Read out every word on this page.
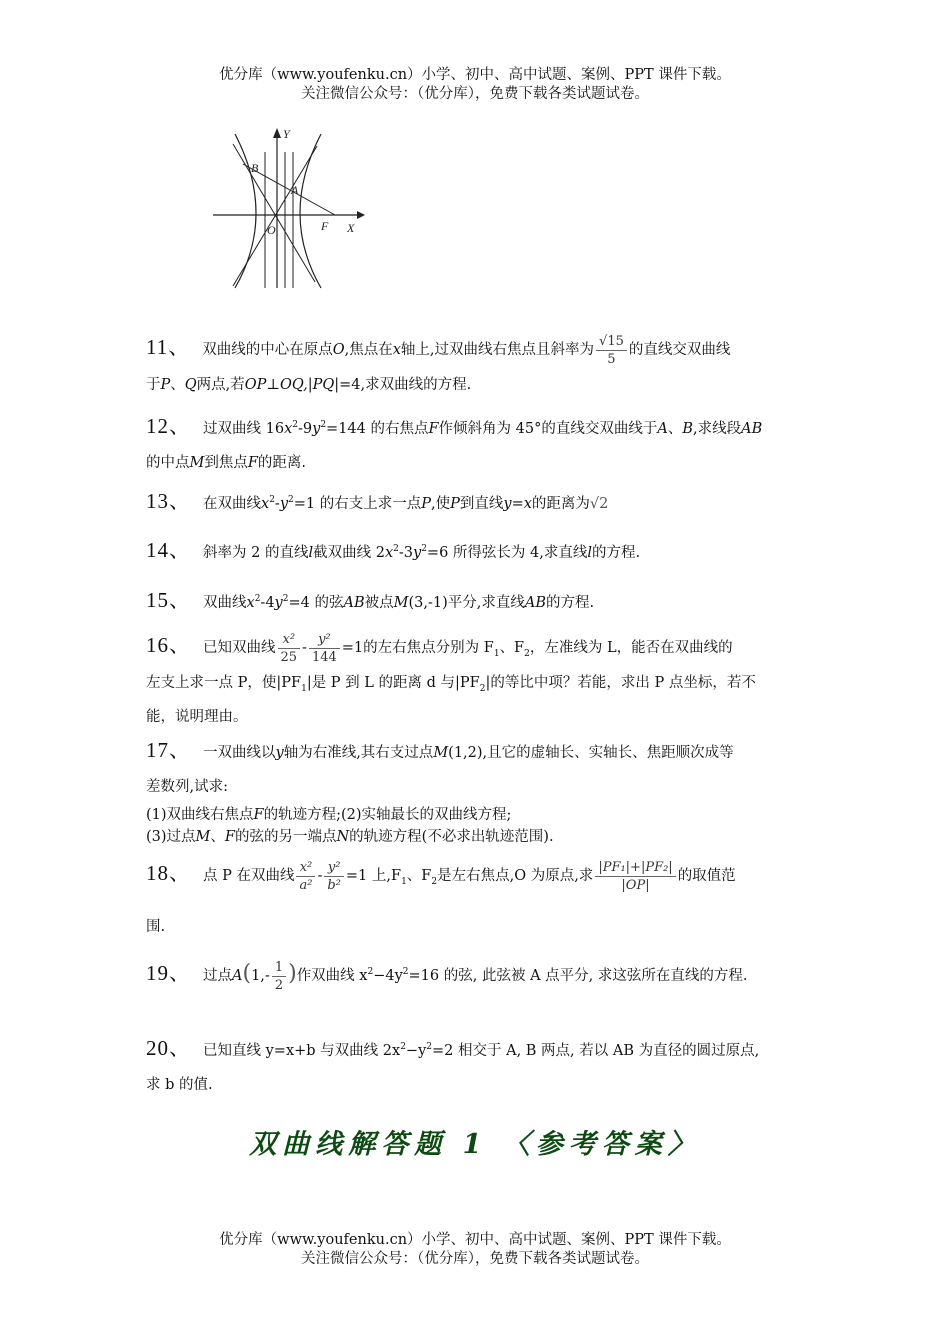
优分库（www.youfenku.cn）小学、初中、高中试题、案例、PPT 课件下载。
关注微信公众号：（优分库），免费下载各类试题试卷。
Y
X
B
A
O	F
11、 双曲线的中心在原点O,焦点在x轴上,过双曲线右焦点且斜率为 $\frac{√15}{5}$ 的直线交双曲线
于P、Q两点,若OP⊥OQ,|PQ|=4,求双曲线的方程.
12、 过双曲线 $16x^2-9y^2=144$ 的右焦点F作倾斜角为 45°的直线交双曲线于A、B,求线段AB
的中点M到焦点F的距离.
13、 在双曲线$x^2-y^2=1$ 的右支上求一点P,使P到直线y=x的距离为√2
14、 斜率为 2 的直线l截双曲线 $2x^2-3y^2=6$ 所得弦长为 4,求直线l的方程.
15、 双曲线$x^2-4y^2=4$ 的弦AB被点M(3,-1)平分,求直线AB的方程.
16、 已知双曲线 $\frac{\text{x²}}{25} - \frac{\text{y²}}{144} =1$的左右焦点分别为 $F_1$、$F_2$，左准线为 L，能否在双曲线的
左支上求一点 P，使$|PF_1|$是 P 到 L 的距离 d 与$|PF_2|$的等比中项？若能，求出 P 点坐标，若不
能，说明理由。
17、 一双曲线以y轴为右准线,其右支过点M(1,2),且它的虚轴长、实轴长、焦距顺次成等
差数列,试求:
(1)双曲线右焦点F的轨迹方程;(2)实轴最长的双曲线方程;
(3)过点M、F的弦的另一端点N的轨迹方程(不必求出轨迹范围).
18、 点 P 在双曲线 $\frac{\text{x²}}{\text{a²}} - \frac{\text{y²}}{\text{b²}} =1$ 上$,F_1$、$F_2$是左右焦点,O 为原点,求 $\frac{\text{|PF₁|+|PF₂|}}{|OP|}$ 的取值范
围.
19、 过点$A(1,- \frac{1}{2}$ )作双曲线 $x^2-4y^2=16$ 的弦, 此弦被 A 点平分, 求这弦所在直线的方程.
20、 已知直线 y=x+b 与双曲线 $2x^2-y^2=2$ 相交于 A, B 两点, 若以 AB 为直径的圆过原点,
求 b 的值.
双曲线解答题 1 〈参考答案〉
优分库（www.youfenku.cn）小学、初中、高中试题、案例、PPT 课件下载。
关注微信公众号：（优分库），免费下载各类试题试卷。
